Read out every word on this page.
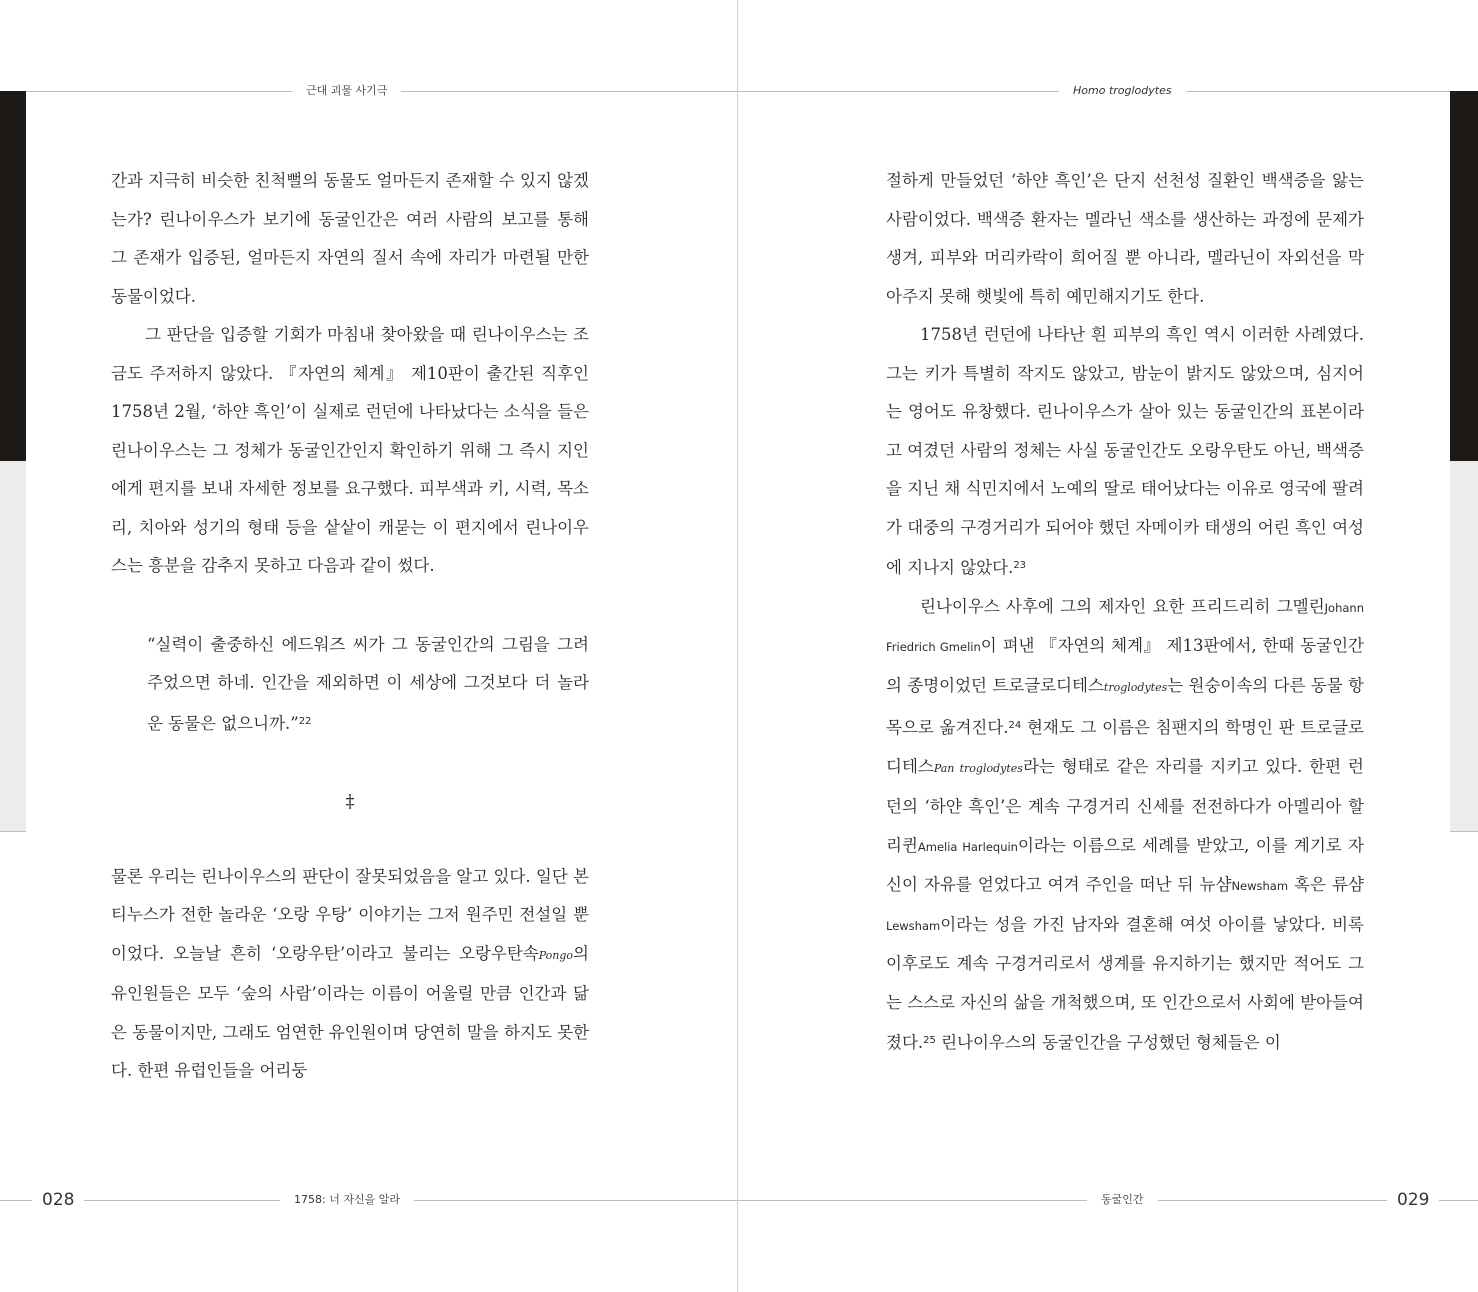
근대 괴물 사기극	Homo troglodytes
028	1758: 너 자신을 알라	동굴인간	029

간과 지극히 비슷한 친척뻘의 동물도 얼마든지 존재할 수 있지 않겠는가? 린나이우스가 보기에 동굴인간은 여러 사람의 보고를 통해 그 존재가 입증된, 얼마든지 자연의 질서 속에 자리가 마련될 만한 동물이었다.

그 판단을 입증할 기회가 마침내 찾아왔을 때 린나이우스는 조금도 주저하지 않았다. 『자연의 체계』 제10판이 출간된 직후인 1758년 2월, ‘하얀 흑인’이 실제로 런던에 나타났다는 소식을 들은 린나이우스는 그 정체가 동굴인간인지 확인하기 위해 그 즉시 지인에게 편지를 보내 자세한 정보를 요구했다. 피부색과 키, 시력, 목소리, 치아와 성기의 형태 등을 샅샅이 캐묻는 이 편지에서 린나이우스는 흥분을 감추지 못하고 다음과 같이 썼다.

“실력이 출중하신 에드워즈 씨가 그 동굴인간의 그림을 그려주었으면 하네. 인간을 제외하면 이 세상에 그것보다 더 놀라운 동물은 없으니까.”$^{22}$

‡

물론 우리는 린나이우스의 판단이 잘못되었음을 알고 있다. 일단 본티누스가 전한 놀라운 ‘오랑 우탕’ 이야기는 그저 원주민 전설일 뿐이었다. 오늘날 흔히 ‘오랑우탄’이라고 불리는 오랑우탄속Pongo의 유인원들은 모두 ‘숲의 사람’이라는 이름이 어울릴 만큼 인간과 닮은 동물이지만, 그래도 엄연한 유인원이며 당연히 말을 하지도 못한다. 한편 유럽인들을 어리둥

절하게 만들었던 ‘하얀 흑인’은 단지 선천성 질환인 백색증을 앓는 사람이었다. 백색증 환자는 멜라닌 색소를 생산하는 과정에 문제가 생겨, 피부와 머리카락이 희어질 뿐 아니라, 멜라닌이 자외선을 막아주지 못해 햇빛에 특히 예민해지기도 한다.

1758년 런던에 나타난 흰 피부의 흑인 역시 이러한 사례였다. 그는 키가 특별히 작지도 않았고, 밤눈이 밝지도 않았으며, 심지어는 영어도 유창했다. 린나이우스가 살아 있는 동굴인간의 표본이라고 여겼던 사람의 정체는 사실 동굴인간도 오랑우탄도 아닌, 백색증을 지닌 채 식민지에서 노예의 딸로 태어났다는 이유로 영국에 팔려 가 대중의 구경거리가 되어야 했던 자메이카 태생의 어린 흑인 여성에 지나지 않았다.$^{23}$

린나이우스 사후에 그의 제자인 요한 프리드리히 그멜린Johann Friedrich Gmelin이 펴낸 『자연의 체계』 제13판에서, 한때 동굴인간의 종명이었던 트로글로디테스troglodytes는 원숭이속의 다른 동물 항목으로 옮겨진다.$^{24}$ 현재도 그 이름은 침팬지의 학명인 판 트로글로디테스Pan troglodytes라는 형태로 같은 자리를 지키고 있다. 한편 런던의 ‘하얀 흑인’은 계속 구경거리 신세를 전전하다가 아멜리아 할리퀸Amelia Harlequin이라는 이름으로 세례를 받았고, 이를 계기로 자신이 자유를 얻었다고 여겨 주인을 떠난 뒤 뉴샴Newsham 혹은 류샴Lewsham이라는 성을 가진 남자와 결혼해 여섯 아이를 낳았다. 비록 이후로도 계속 구경거리로서 생계를 유지하기는 했지만 적어도 그는 스스로 자신의 삶을 개척했으며, 또 인간으로서 사회에 받아들여졌다.$^{25}$ 린나이우스의 동굴인간을 구성했던 형체들은 이
